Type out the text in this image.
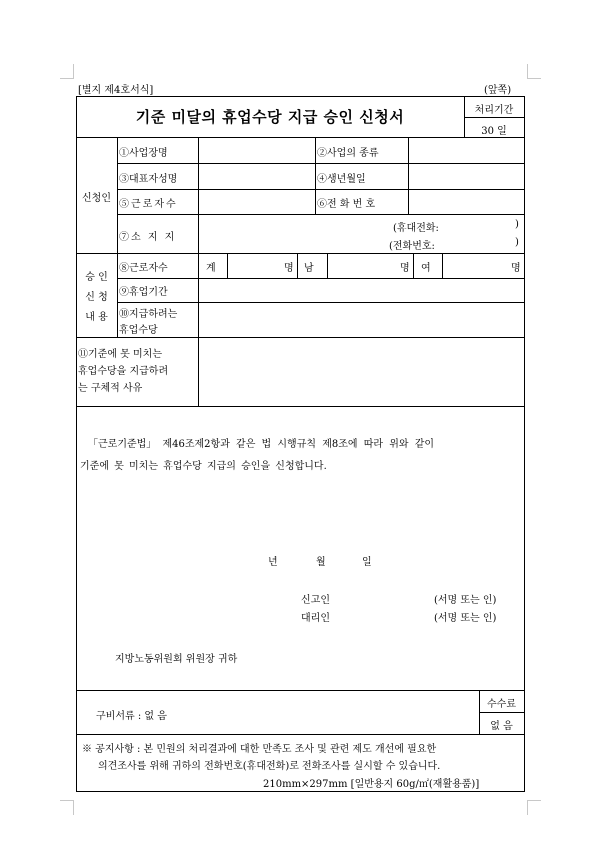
[별지 제4호서식]	(앞쪽)
기준 미달의 휴업수당 지급 승인 신청서	처리기간
30 일
신청인
①사업장명	②사업의 종류
③대표자성명	④생년월일
⑤근로자수	⑥전 화 번 호
⑦소 지 지
(휴대전화:	)
(전화번호:	)
승 인
신 청
내 용
⑧근로자수	계	명 남	명 여	명
⑨휴업기간
⑩지급하려는
휴업수당
⑪기준에 못 미치는
휴업수당을 지급하려
는 구체적 사유
「근로기준법」 제46조제2항과 같은 법 시행규칙 제8조에 따라 위와 같이
기준에 못 미치는 휴업수당 지급의 승인을 신청합니다.
년	월	일
신고인	(서명 또는 인)
대리인	(서명 또는 인)
지방노동위원회 위원장 귀하
구비서류 : 없 음
수수료
없 음
※ 공지사항 : 본 민원의 처리결과에 대한 만족도 조사 및 관련 제도 개선에 필요한
의견조사를 위해 귀하의 전화번호(휴대전화)로 전화조사를 실시할 수 있습니다.
210mm×297mm [일반용지 60g/㎡(재활용품)]
